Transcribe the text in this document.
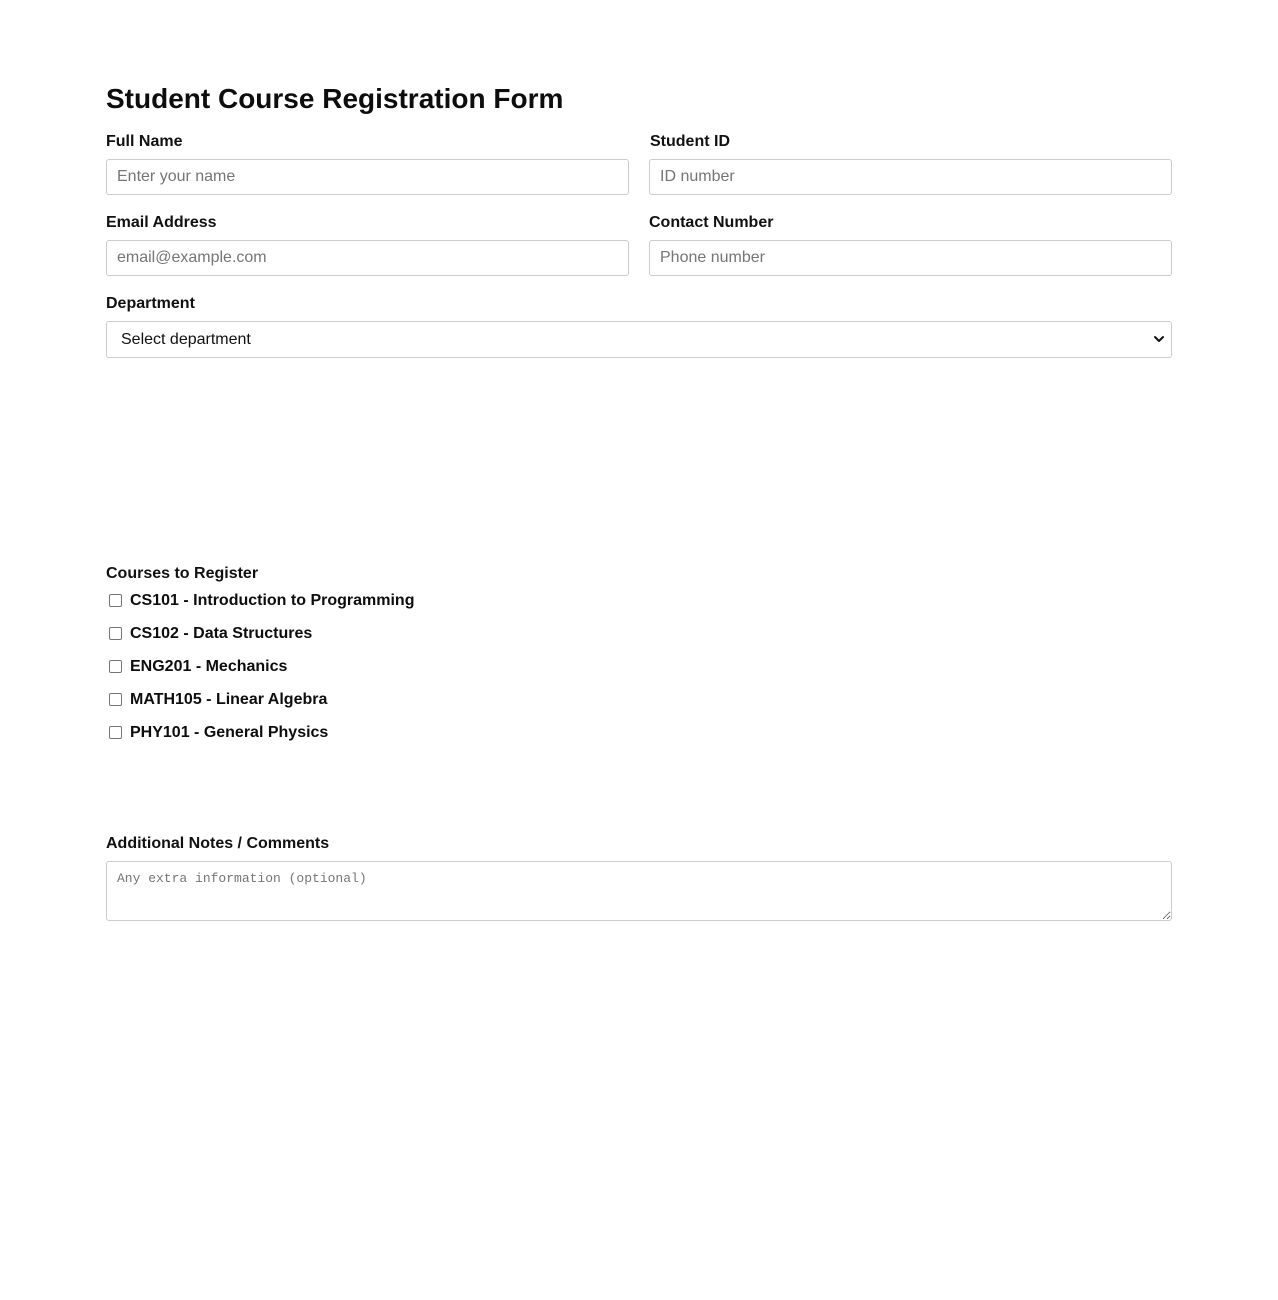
Student Course Registration Form
Full Name
Enter your name	Student ID
ID number
Email Address
email@example.com	Contact Number
Phone number
Department
Select department
Courses to Register
CS101 - Introduction to Programming
CS102 - Data Structures
ENG201 - Mechanics
MATH105 - Linear Algebra
PHY101 - General Physics
Additional Notes / Comments
Any extra information (optional)
